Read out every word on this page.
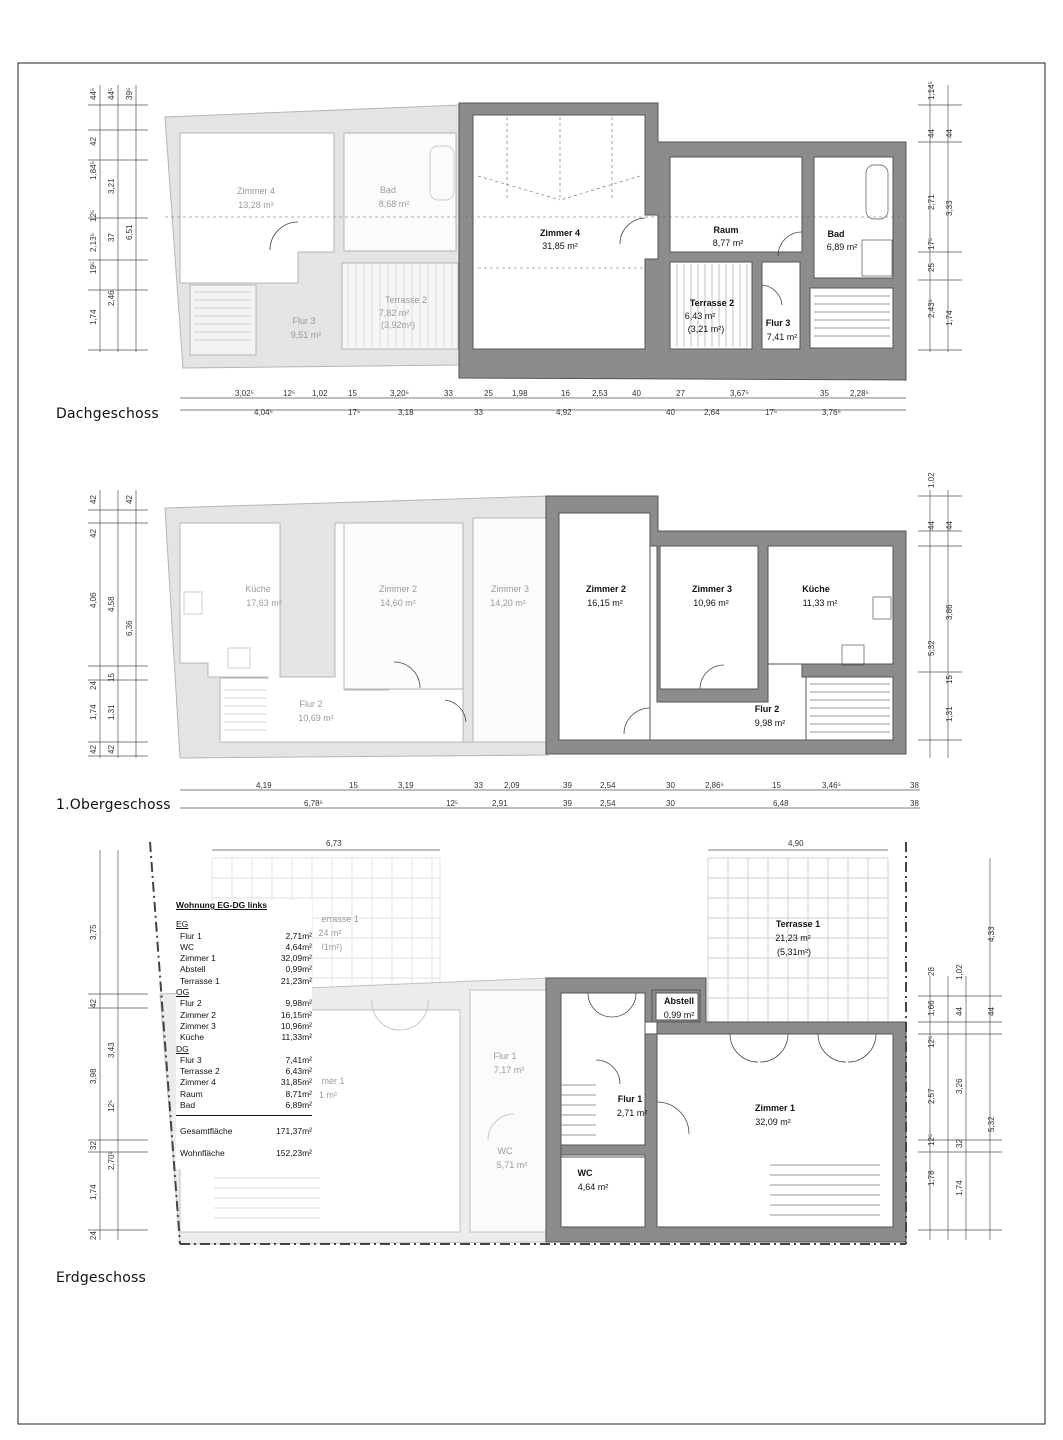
Zimmer 4
13,28 m²
Bad
8,68 m²
Flur 3
9,51 m²
Terrasse 2
7,82 m²
(3,92m²)
Zimmer 4
31,85 m²
Raum
8,77 m²
Bad
6,89 m²
Terrasse 2
6,43 m²
(3,21 m²)
Flur 3
7,41 m²
3,02⁵	12⁵ 1,02	15	3,20⁵	33	25 1,98	16	2,53	40	27	3,67⁵	35	2,28⁵
4,04⁵	17⁵	3,18	33	4,92	40	2,64	17⁵	3,76⁵
44⁵
42
1,84⁵
12⁵
2,13⁵
19⁵
1,74
44⁵
3,21
37
2,46
39⁵
6,51
1,14⁵
44
2,71
17⁵
25
2,43⁵
44
3,33
1,74
Küche
17,63 m²
Zimmer 2
14,60 m²
Zimmer 3
14,20 m²
Flur 2
10,69 m²
Zimmer 2
16,15 m²
Zimmer 3
10,96 m²
Küche
11,33 m²
Flur 2
9,98 m²
4,19	15	3,19	33	2,09	39	2,54	30	2,86⁵	15	3,46⁵	38
6,78⁵	12⁵	2,91	39	2,54	30	6,48	38
42
42
4,06
24
1,74
42
4,58
15
1,31
42
42
6,36
1,02
44
5,32
44
3,86
15
1,31
errasse 1
24 m²
l1m²)
mer 1
1 m²
Flur 1
7,17 m²
WC
5,71 m²
Terrasse 1
21,23 m²
(5,31m²)
Abstell
0,99 m²
Flur 1
2,71 m²	Zimmer 1
32,09 m²
WC
4,64 m²
6,73	4,90
3,75
42
3,98
12⁵
32
1,74
24
3,43
2,70⁵
28
1,66
12⁵
2,57
12⁵
1,78
1,02
44
3,26
32
1,74
4,33
44
5,32
Dachgeschoss
1.Obergeschoss
Erdgeschoss
Wohnung EG-DG links
EG
Flur 1	2,71m²
WC	4,64m²
Zimmer 1	32,09m²
Abstell	0,99m²
Terrasse 1	21,23m²
OG
Flur 2	9,98m²
Zimmer 2	16,15m²
Zimmer 3	10,96m²
Küche	11,33m²
DG
Flur 3	7,41m²
Terrasse 2	6,43m²
Zimmer 4	31,85m²
Raum	8,71m²
Bad	6,89m²
Gesamtfläche	171,37m²
Wohnfläche	152,23m²
